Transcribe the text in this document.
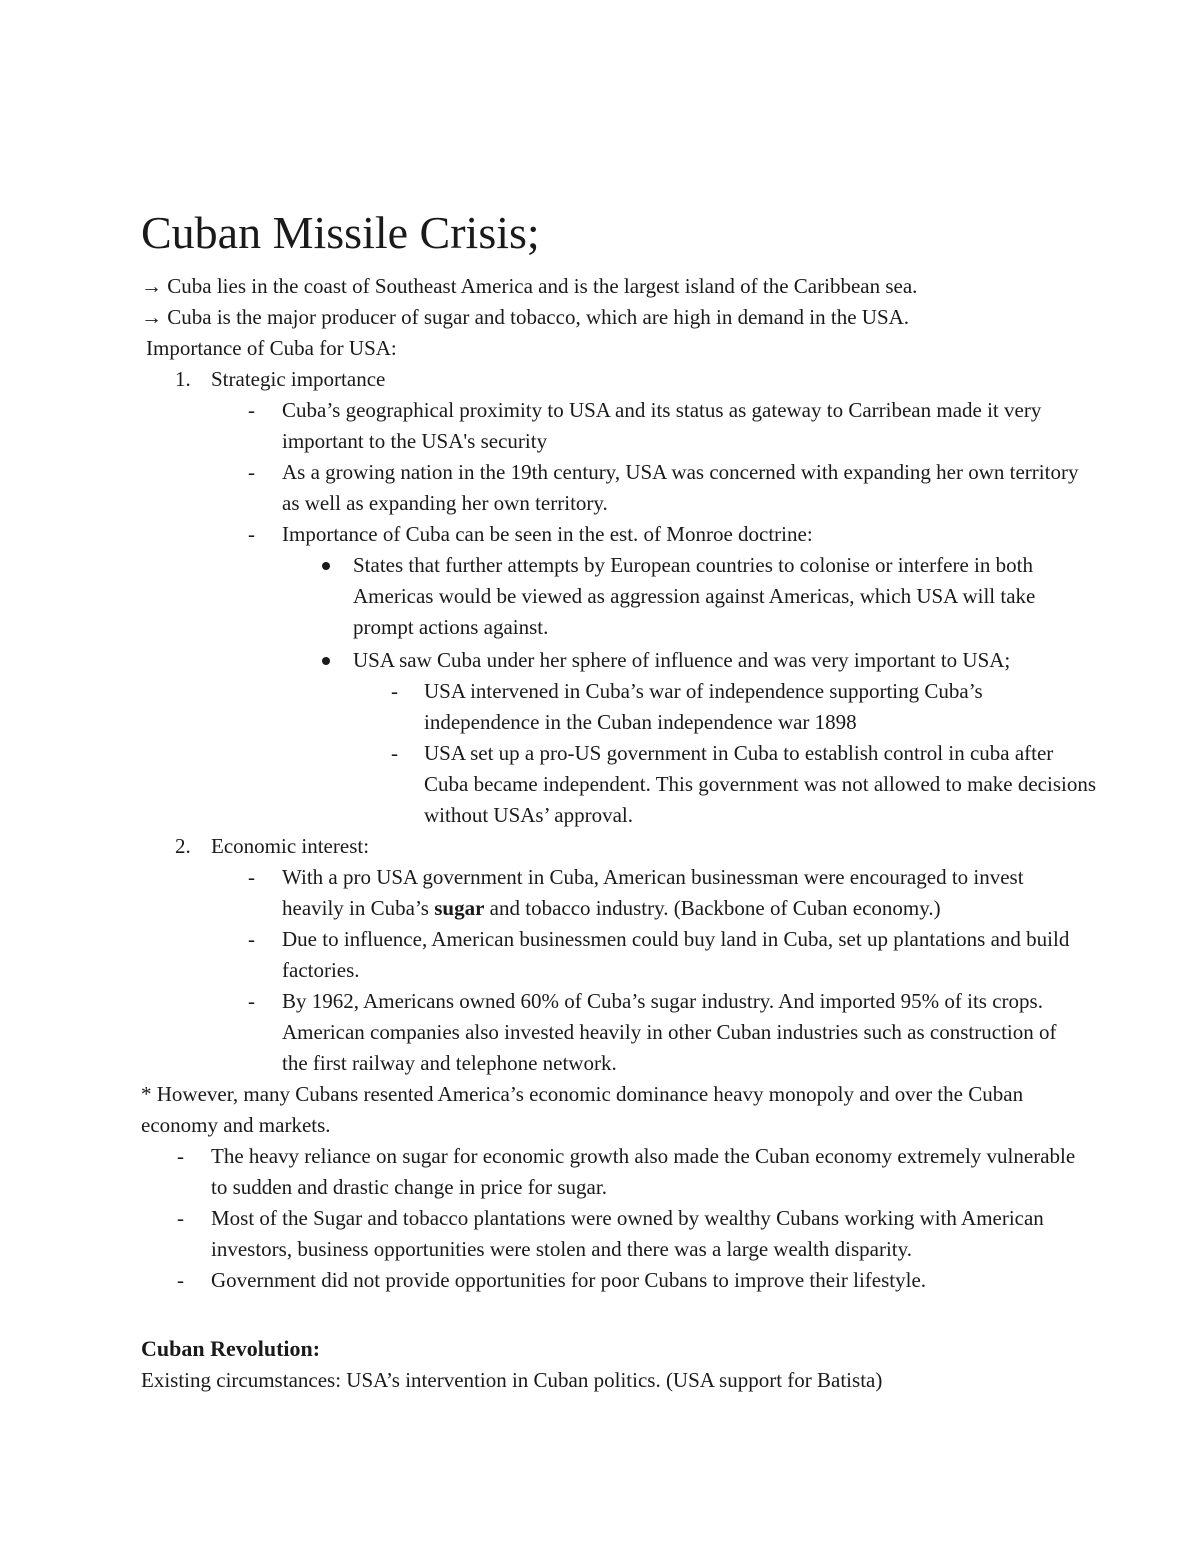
Cuban Missile Crisis;
→ Cuba lies in the coast of Southeast America and is the largest island of the Caribbean sea.
→ Cuba is the major producer of sugar and tobacco, which are high in demand in the USA.
Importance of Cuba for USA:
1. Strategic importance
- Cuba’s geographical proximity to USA and its status as gateway to Carribean made it very
important to the USA's security
- As a growing nation in the 19th century, USA was concerned with expanding her own territory
as well as expanding her own territory.
- Importance of Cuba can be seen in the est. of Monroe doctrine:
States that further attempts by European countries to colonise or interfere in both
Americas would be viewed as aggression against Americas, which USA will take
prompt actions against.
USA saw Cuba under her sphere of influence and was very important to USA;
- USA intervened in Cuba’s war of independence supporting Cuba’s
independence in the Cuban independence war 1898
- USA set up a pro-US government in Cuba to establish control in cuba after
Cuba became independent. This government was not allowed to make decisions
without USAs’ approval.
2. Economic interest:
- With a pro USA government in Cuba, American businessman were encouraged to invest
heavily in Cuba’s sugar and tobacco industry. (Backbone of Cuban economy.)
- Due to influence, American businessmen could buy land in Cuba, set up plantations and build
factories.
- By 1962, Americans owned 60% of Cuba’s sugar industry. And imported 95% of its crops.
American companies also invested heavily in other Cuban industries such as construction of
the first railway and telephone network.
* However, many Cubans resented America’s economic dominance heavy monopoly and over the Cuban
economy and markets.
- The heavy reliance on sugar for economic growth also made the Cuban economy extremely vulnerable
to sudden and drastic change in price for sugar.
- Most of the Sugar and tobacco plantations were owned by wealthy Cubans working with American
investors, business opportunities were stolen and there was a large wealth disparity.
- Government did not provide opportunities for poor Cubans to improve their lifestyle.
Cuban Revolution:
Existing circumstances: USA’s intervention in Cuban politics. (USA support for Batista)
